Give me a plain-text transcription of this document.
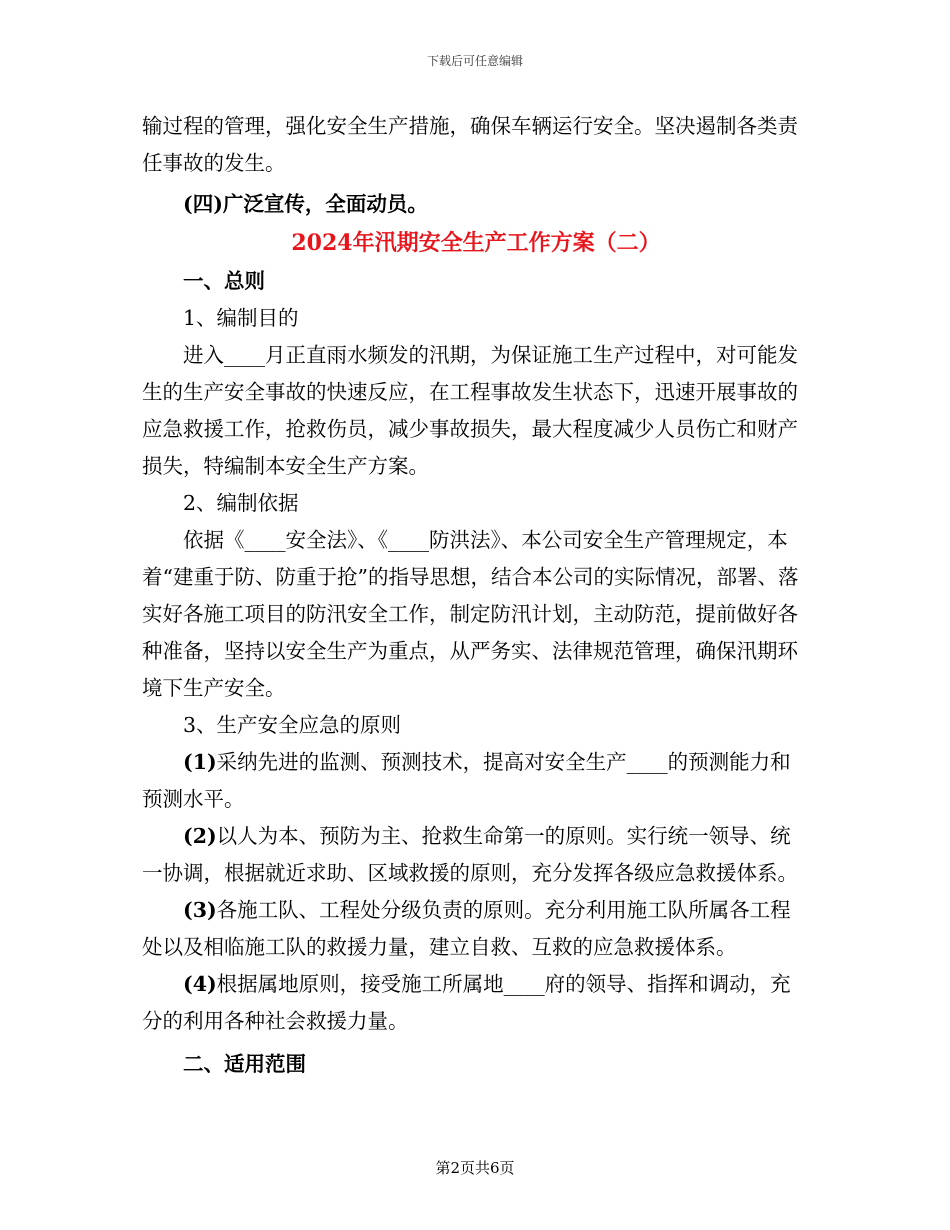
下载后可任意编辑

输过程的管理，强化安全生产措施，确保车辆运行安全。坚决遏制各类责任事故的发生。

(四)广泛宣传，全面动员。

2024年汛期安全生产工作方案（二）

一、总则

1、编制目的

进入____月正直雨水频发的汛期，为保证施工生产过程中，对可能发生的生产安全事故的快速反应，在工程事故发生状态下，迅速开展事故的应急救援工作，抢救伤员，减少事故损失，最大程度减少人员伤亡和财产损失，特编制本安全生产方案。

2、编制依据

依据《____安全法》、《____防洪法》、本公司安全生产管理规定，本着“建重于防、防重于抢”的指导思想，结合本公司的实际情况，部署、落实好各施工项目的防汛安全工作，制定防汛计划，主动防范，提前做好各种准备，坚持以安全生产为重点，从严务实、法律规范管理，确保汛期环境下生产安全。

3、生产安全应急的原则

(1)采纳先进的监测、预测技术，提高对安全生产____的预测能力和预测水平。

(2)以人为本、预防为主、抢救生命第一的原则。实行统一领导、统一协调，根据就近求助、区域救援的原则，充分发挥各级应急救援体系。

(3)各施工队、工程处分级负责的原则。充分利用施工队所属各工程处以及相临施工队的救援力量，建立自救、互救的应急救援体系。

(4)根据属地原则，接受施工所属地____府的领导、指挥和调动，充分的利用各种社会救援力量。

二、适用范围

第2页共6页
